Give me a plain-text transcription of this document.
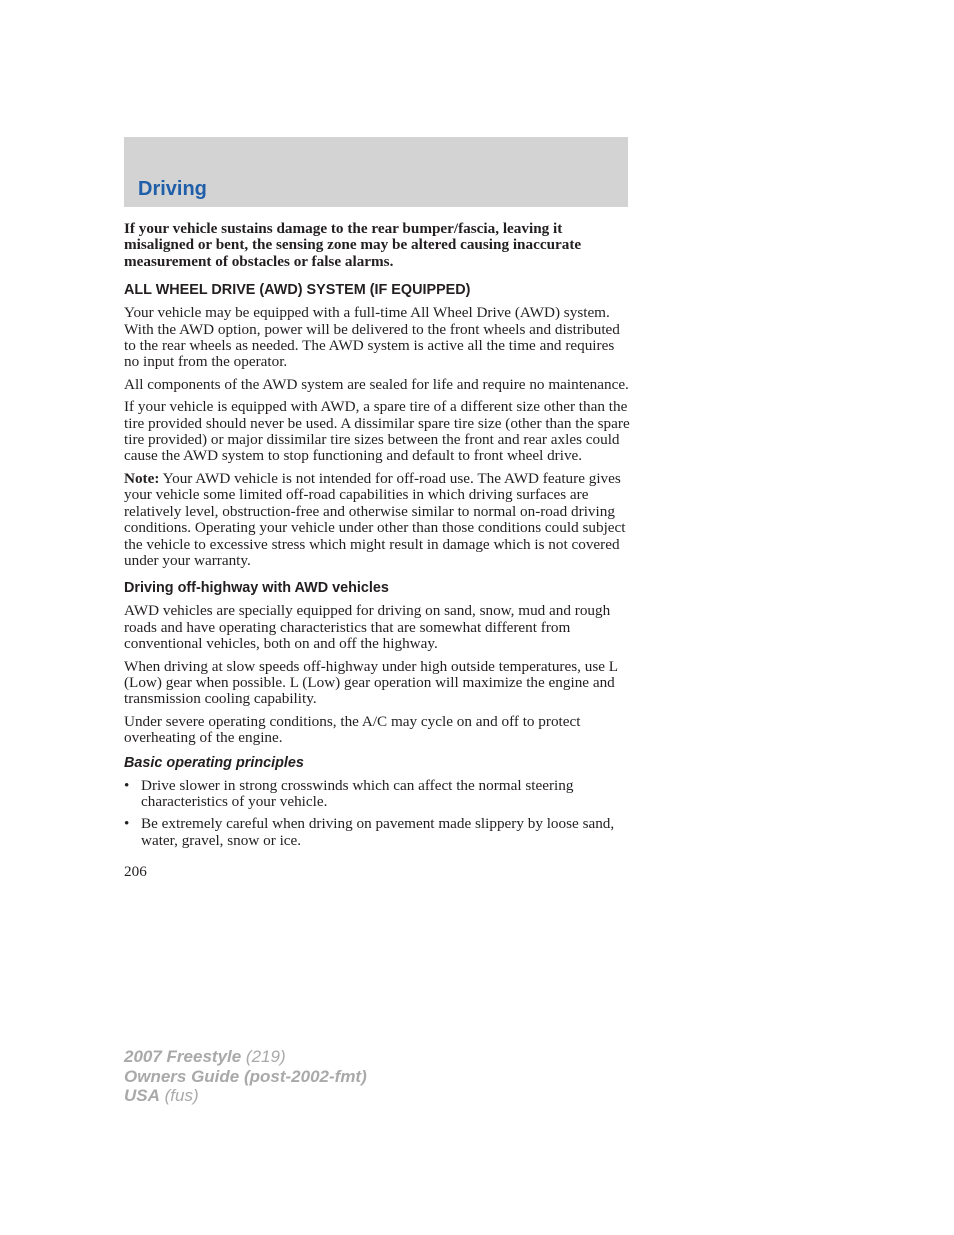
Driving

If your vehicle sustains damage to the rear bumper/fascia, leaving it misaligned or bent, the sensing zone may be altered causing inaccurate measurement of obstacles or false alarms.

ALL WHEEL DRIVE (AWD) SYSTEM (IF EQUIPPED)

Your vehicle may be equipped with a full-time All Wheel Drive (AWD) system. With the AWD option, power will be delivered to the front wheels and distributed to the rear wheels as needed. The AWD system is active all the time and requires no input from the operator.

All components of the AWD system are sealed for life and require no maintenance.

If your vehicle is equipped with AWD, a spare tire of a different size other than the tire provided should never be used. A dissimilar spare tire size (other than the spare tire provided) or major dissimilar tire sizes between the front and rear axles could cause the AWD system to stop functioning and default to front wheel drive.

Note: Your AWD vehicle is not intended for off-road use. The AWD feature gives your vehicle some limited off-road capabilities in which driving surfaces are relatively level, obstruction-free and otherwise similar to normal on-road driving conditions. Operating your vehicle under other than those conditions could subject the vehicle to excessive stress which might result in damage which is not covered under your warranty.

Driving off-highway with AWD vehicles

AWD vehicles are specially equipped for driving on sand, snow, mud and rough roads and have operating characteristics that are somewhat different from conventional vehicles, both on and off the highway.

When driving at slow speeds off-highway under high outside temperatures, use L (Low) gear when possible. L (Low) gear operation will maximize the engine and transmission cooling capability.

Under severe operating conditions, the A/C may cycle on and off to protect overheating of the engine.

Basic operating principles
• Drive slower in strong crosswinds which can affect the normal steering characteristics of your vehicle.
• Be extremely careful when driving on pavement made slippery by loose sand, water, gravel, snow or ice.
206
2007 Freestyle (219)
Owners Guide (post-2002-fmt)
USA (fus)
